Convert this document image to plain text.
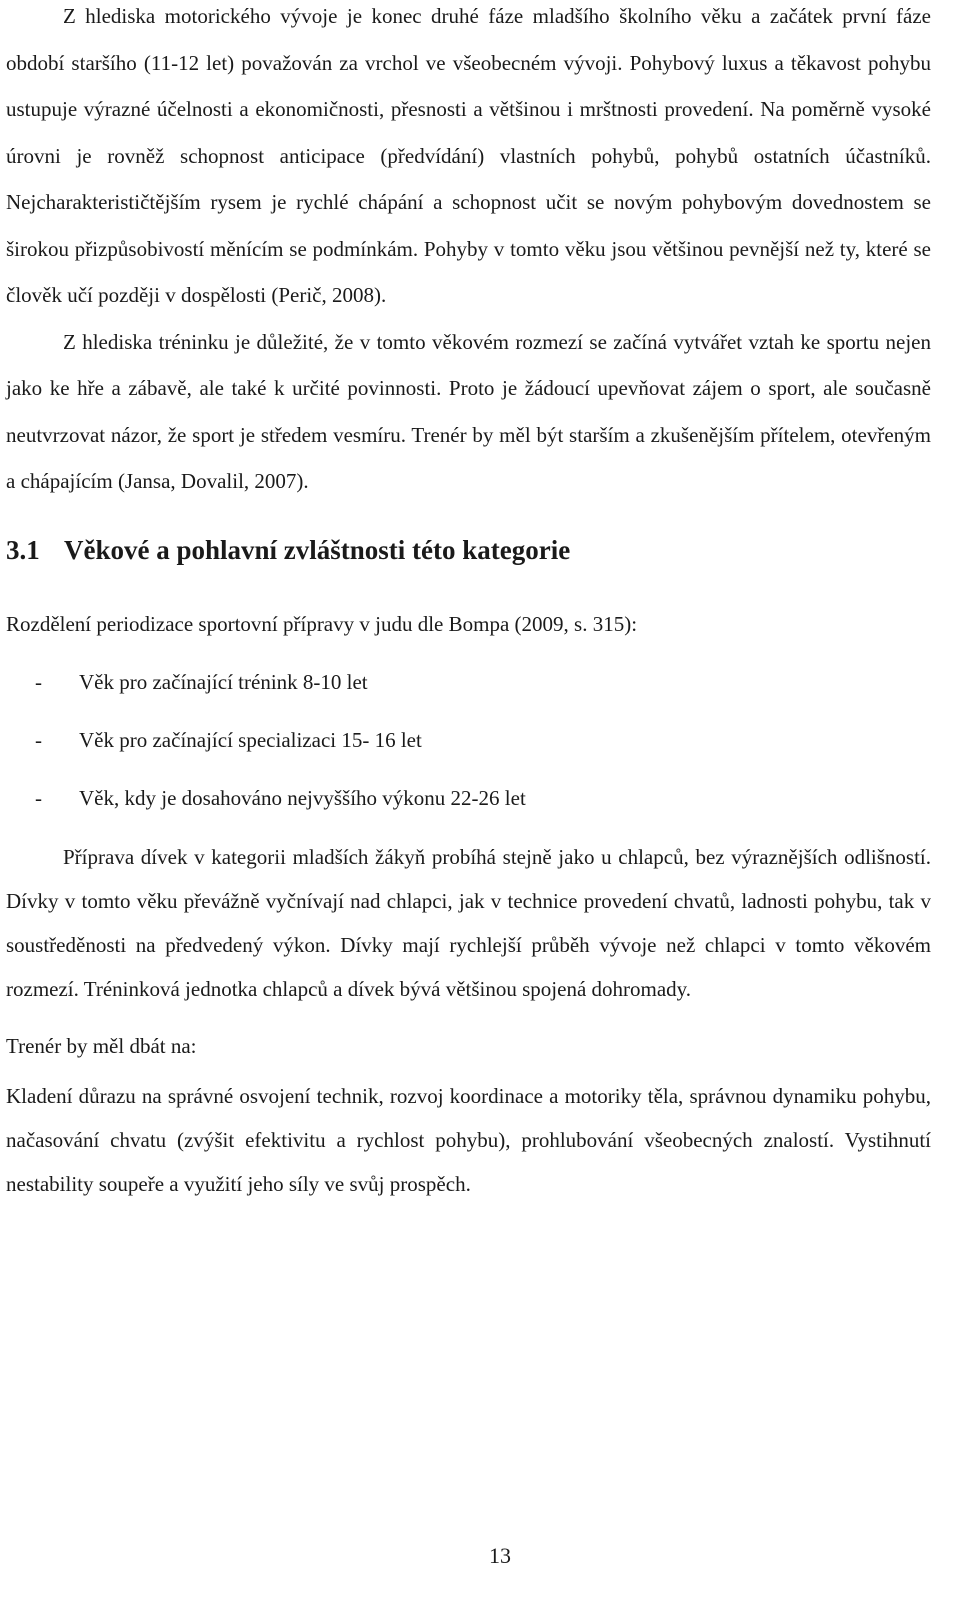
Z hlediska motorického vývoje je konec druhé fáze mladšího školního věku a začátek první fáze období staršího (11-12 let) považován za vrchol ve všeobecném vývoji. Pohybový luxus a těkavost pohybu ustupuje výrazné účelnosti a ekonomičnosti, přesnosti a většinou i mrštnosti provedení. Na poměrně vysoké úrovni je rovněž schopnost anticipace (předvídání) vlastních pohybů, pohybů ostatních účastníků. Nejcharakterističtějším rysem je rychlé chápání a schopnost učit se novým pohybovým dovednostem se širokou přizpůsobivostí měnícím se podmínkám. Pohyby v tomto věku jsou většinou pevnější než ty, které se člověk učí později v dospělosti (Perič, 2008).

Z hlediska tréninku je důležité, že v tomto věkovém rozmezí se začíná vytvářet vztah ke sportu nejen jako ke hře a zábavě, ale také k určité povinnosti. Proto je žádoucí upevňovat zájem o sport, ale současně neutvrzovat názor, že sport je středem vesmíru. Trenér by měl být starším a zkušenějším přítelem, otevřeným a chápajícím (Jansa, Dovalil, 2007).

3.1 Věkové a pohlavní zvláštnosti této kategorie

Rozdělení periodizace sportovní přípravy v judu dle Bompa (2009, s. 315):

-	Věk pro začínající trénink 8-10 let
-	Věk pro začínající specializaci 15- 16 let
-	Věk, kdy je dosahováno nejvyššího výkonu 22-26 let

Příprava dívek v kategorii mladších žákyň probíhá stejně jako u chlapců, bez výraznějších odlišností. Dívky v tomto věku převážně vyčnívají nad chlapci, jak v technice provedení chvatů, ladnosti pohybu, tak v soustředěnosti na předvedený výkon. Dívky mají rychlejší průběh vývoje než chlapci v tomto věkovém rozmezí. Tréninková jednotka chlapců a dívek bývá většinou spojená dohromady.

Trenér by měl dbát na:

Kladení důrazu na správné osvojení technik, rozvoj koordinace a motoriky těla, správnou dynamiku pohybu, načasování chvatu (zvýšit efektivitu a rychlost pohybu), prohlubování všeobecných znalostí. Vystihnutí nestability soupeře a využití jeho síly ve svůj prospěch.

13
